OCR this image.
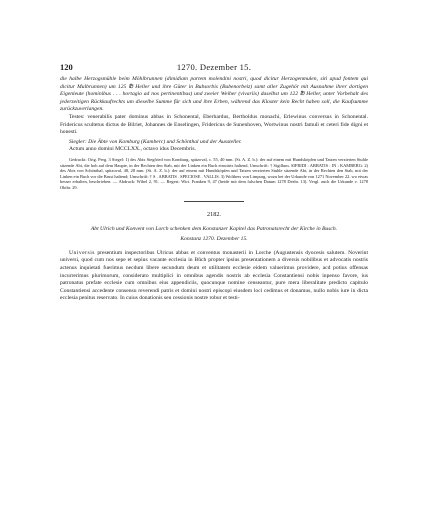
120	1270. Dezember 15.

die halbe Herzogsmühle beim Möhlbrunnen (dimidiam partem molendini nostri, quod dicitur Herzogenmulen, siti apud fontem qui dicitur Mulbrunnen) um 125 ℔ Heller und ihre Güter in Bubsorbis (Bubenorbeiz) samt aller Zugehör mit Ausnahme ihrer dortigen Eigenleute (hominibus . . . hortagio ad nos pertinentibus) und zweier Weiher (vivariis) daselbst um 122 ℔ Heller, unter Vorbehalt des jederzeitigen Rückkaufrechts um dieselbe Summe für sich und ihre Erben, während das Kloster kein Recht haben soll, die Kaufsumme zurückzuverlangen.

Testes: venerabilis pater dominus abbas in Schonental, Eberhardus, Bertholdus monachi, Erlewinus conversus in Schonental. Fridericus scultetus dictus de Bilriet, Johannes de Enselingen, Fridericus de Sunenhoven, Wortwinus nostri famuli et ceteri fide digni et honesti.

Siegler: Die Äbte von Komburg (Kamberc) und Schönthal und der Aussteller.

Actum anno domini MCCLXX., octavo idus Decembris.

Gedruckt: Orig. Perg. 3 Siegel: 1) des Abts Siegfried von Komburg, spitzoval, c. 55, 40 mm. (St. A. Z. b.): der auf einem mit Hundsköpfen und Tatzen verzierten Stuhle sitzende Abt, die hoh auf dem Haupte, in der Rechten den Stab, mit der Linken ein Buch einwärts haltend, Umschrift: † Sigillum. SIFRIDI : ABBATIS : IN : KAMBERG: 2) des Abts von Schönthal, spitzoval, 48, 28 mm. (St. A. Z. b.): der auf einem mit Hundsköpfen und Tatzen verzierten Stuhle sitzende Abt, in der Rechten den Stab, mit der Linken ein Buch vor die Brust haltend; Umschrift: † S . ABBATIS . SPECIOSE . VALLIS. 3) Wolthers von Limpurg, wozu bei der Urkunde von 1271 November 22. wo etwas besser erhalten, beschrieben. — Abdruck: Wibel 2, 91. — Regest: Wirt. Franken 9, 47 (beide mit dem falschen Datum 1278 Dezbr. 13). Vergl. auch die Urkunde v. 1278 Oktbr. 29.

2182.

Abt Ulrich und Konvent von Lorch schenken dem Konstanzer Kapitel das Patronatsrecht der Kirche in Busch.

Konstanz 1270. Dezember 15.

Universis presentium inspectoribus Ulricus abbas et conventus monasterii in Lorche (Augustensis dyocesis salutem. Noverint universi, quod cum nos sepe et sepius vacante ecclesia in Bůch propter ipsius presentationem a diversis nobilibus et advocatis nostris actenus inquietati fuerimus necdum libere secundum deum et utilitatem ecclesie eidem valuerimus providere, acd potius offensas incurrerimus plurimorum, considerato multiplici in omnibus agendis nostris ab ecclesia Constantiensi nobis inpenso favore, ius patronatus prefate ecclesie cum omnibus eius appendiciis, quocunque nomine censeantur, pure mera liberalitate predicto capitulo Constantiensi accedente consensu reverendi patris et domini nostri episcopi eiusdem loci cedimus et donamus, nullo nobis iure in dicta ecclesia penitus reservato. In cuius donationis seu cessionis nostre robur et testi-
